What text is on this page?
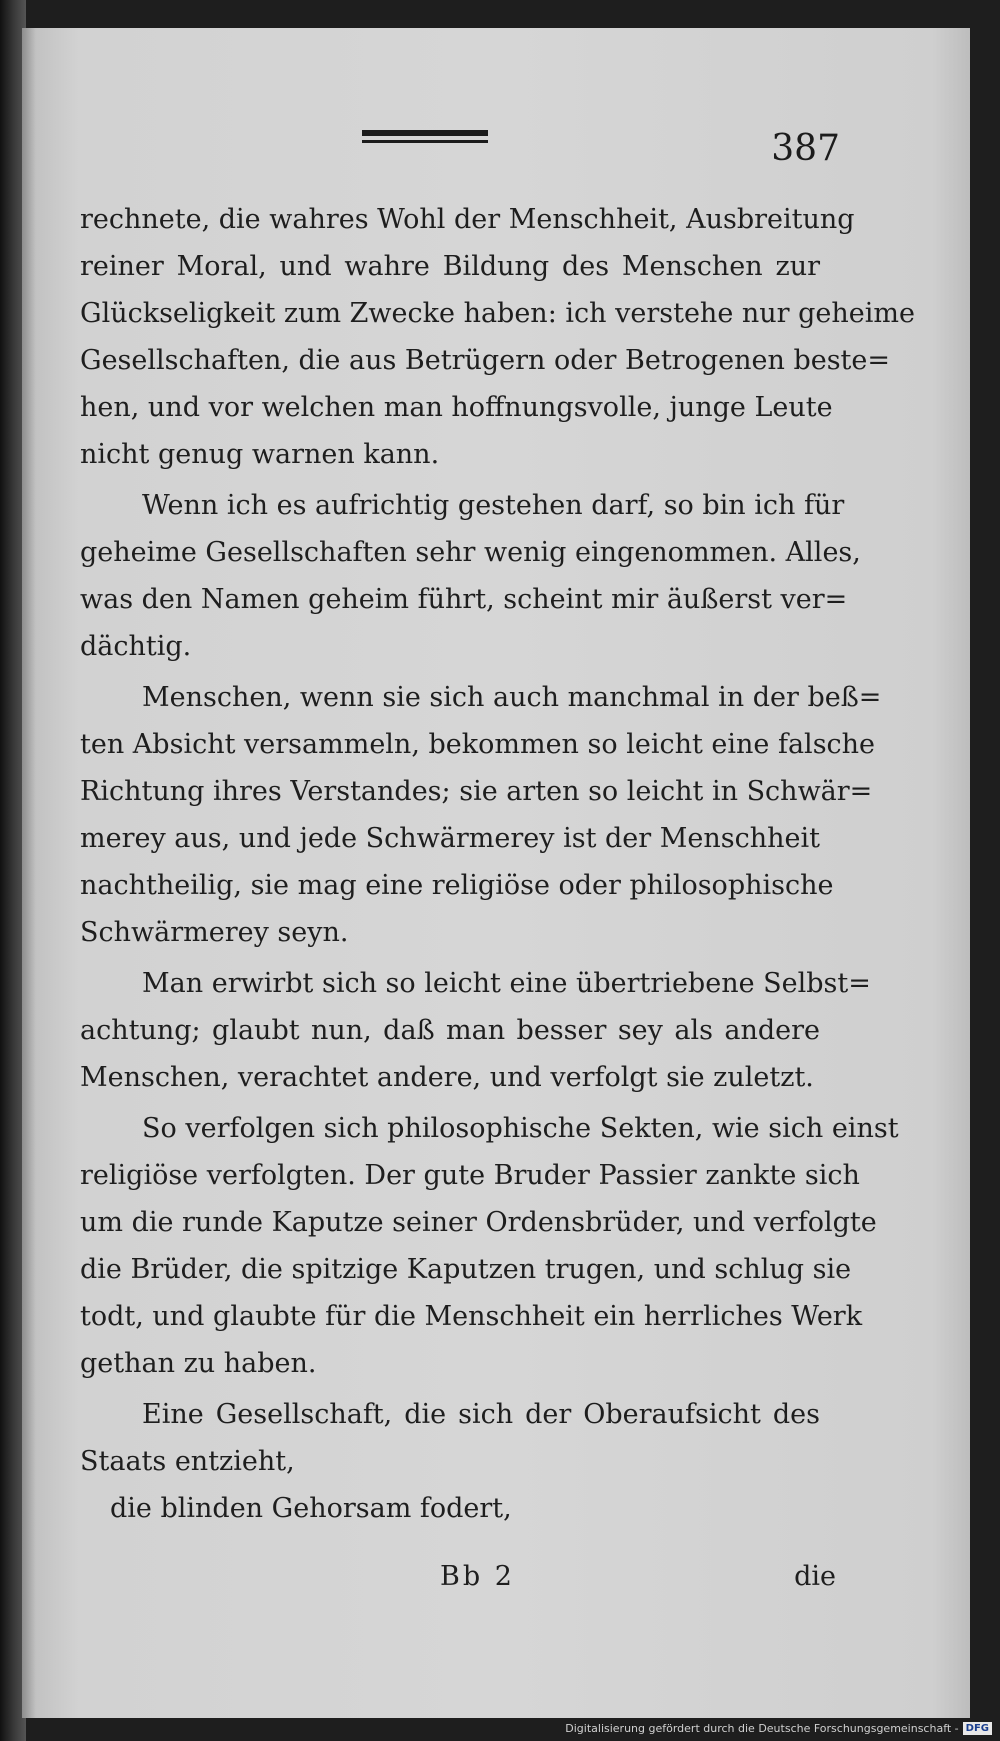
387
rechnete, die wahres Wohl der Menschheit, Ausbreitung
reiner Moral, und wahre Bildung des Menschen zur
Glückseligkeit zum Zwecke haben: ich verstehe nur geheime
Gesellschaften, die aus Betrügern oder Betrogenen beste=
hen, und vor welchen man hoffnungsvolle, junge Leute
nicht genug warnen kann.
Wenn ich es aufrichtig gestehen darf, so bin ich für
geheime Gesellschaften sehr wenig eingenommen. Alles,
was den Namen geheim führt, scheint mir äußerst ver=
dächtig.
Menschen, wenn sie sich auch manchmal in der beß=
ten Absicht versammeln, bekommen so leicht eine falsche
Richtung ihres Verstandes; sie arten so leicht in Schwär=
merey aus, und jede Schwärmerey ist der Menschheit
nachtheilig, sie mag eine religiöse oder philosophische
Schwärmerey seyn.
Man erwirbt sich so leicht eine übertriebene Selbst=
achtung; glaubt nun, daß man besser sey als andere
Menschen, verachtet andere, und verfolgt sie zuletzt.
So verfolgen sich philosophische Sekten, wie sich einst
religiöse verfolgten. Der gute Bruder Passier zankte sich
um die runde Kaputze seiner Ordensbrüder, und verfolgte
die Brüder, die spitzige Kaputzen trugen, und schlug sie
todt, und glaubte für die Menschheit ein herrliches Werk
gethan zu haben.
Eine Gesellschaft, die sich der Oberaufsicht des
Staats entzieht,
die blinden Gehorsam fodert,
Bb 2	die
Digitalisierung gefördert durch die Deutsche Forschungsgemeinschaft - DFG
